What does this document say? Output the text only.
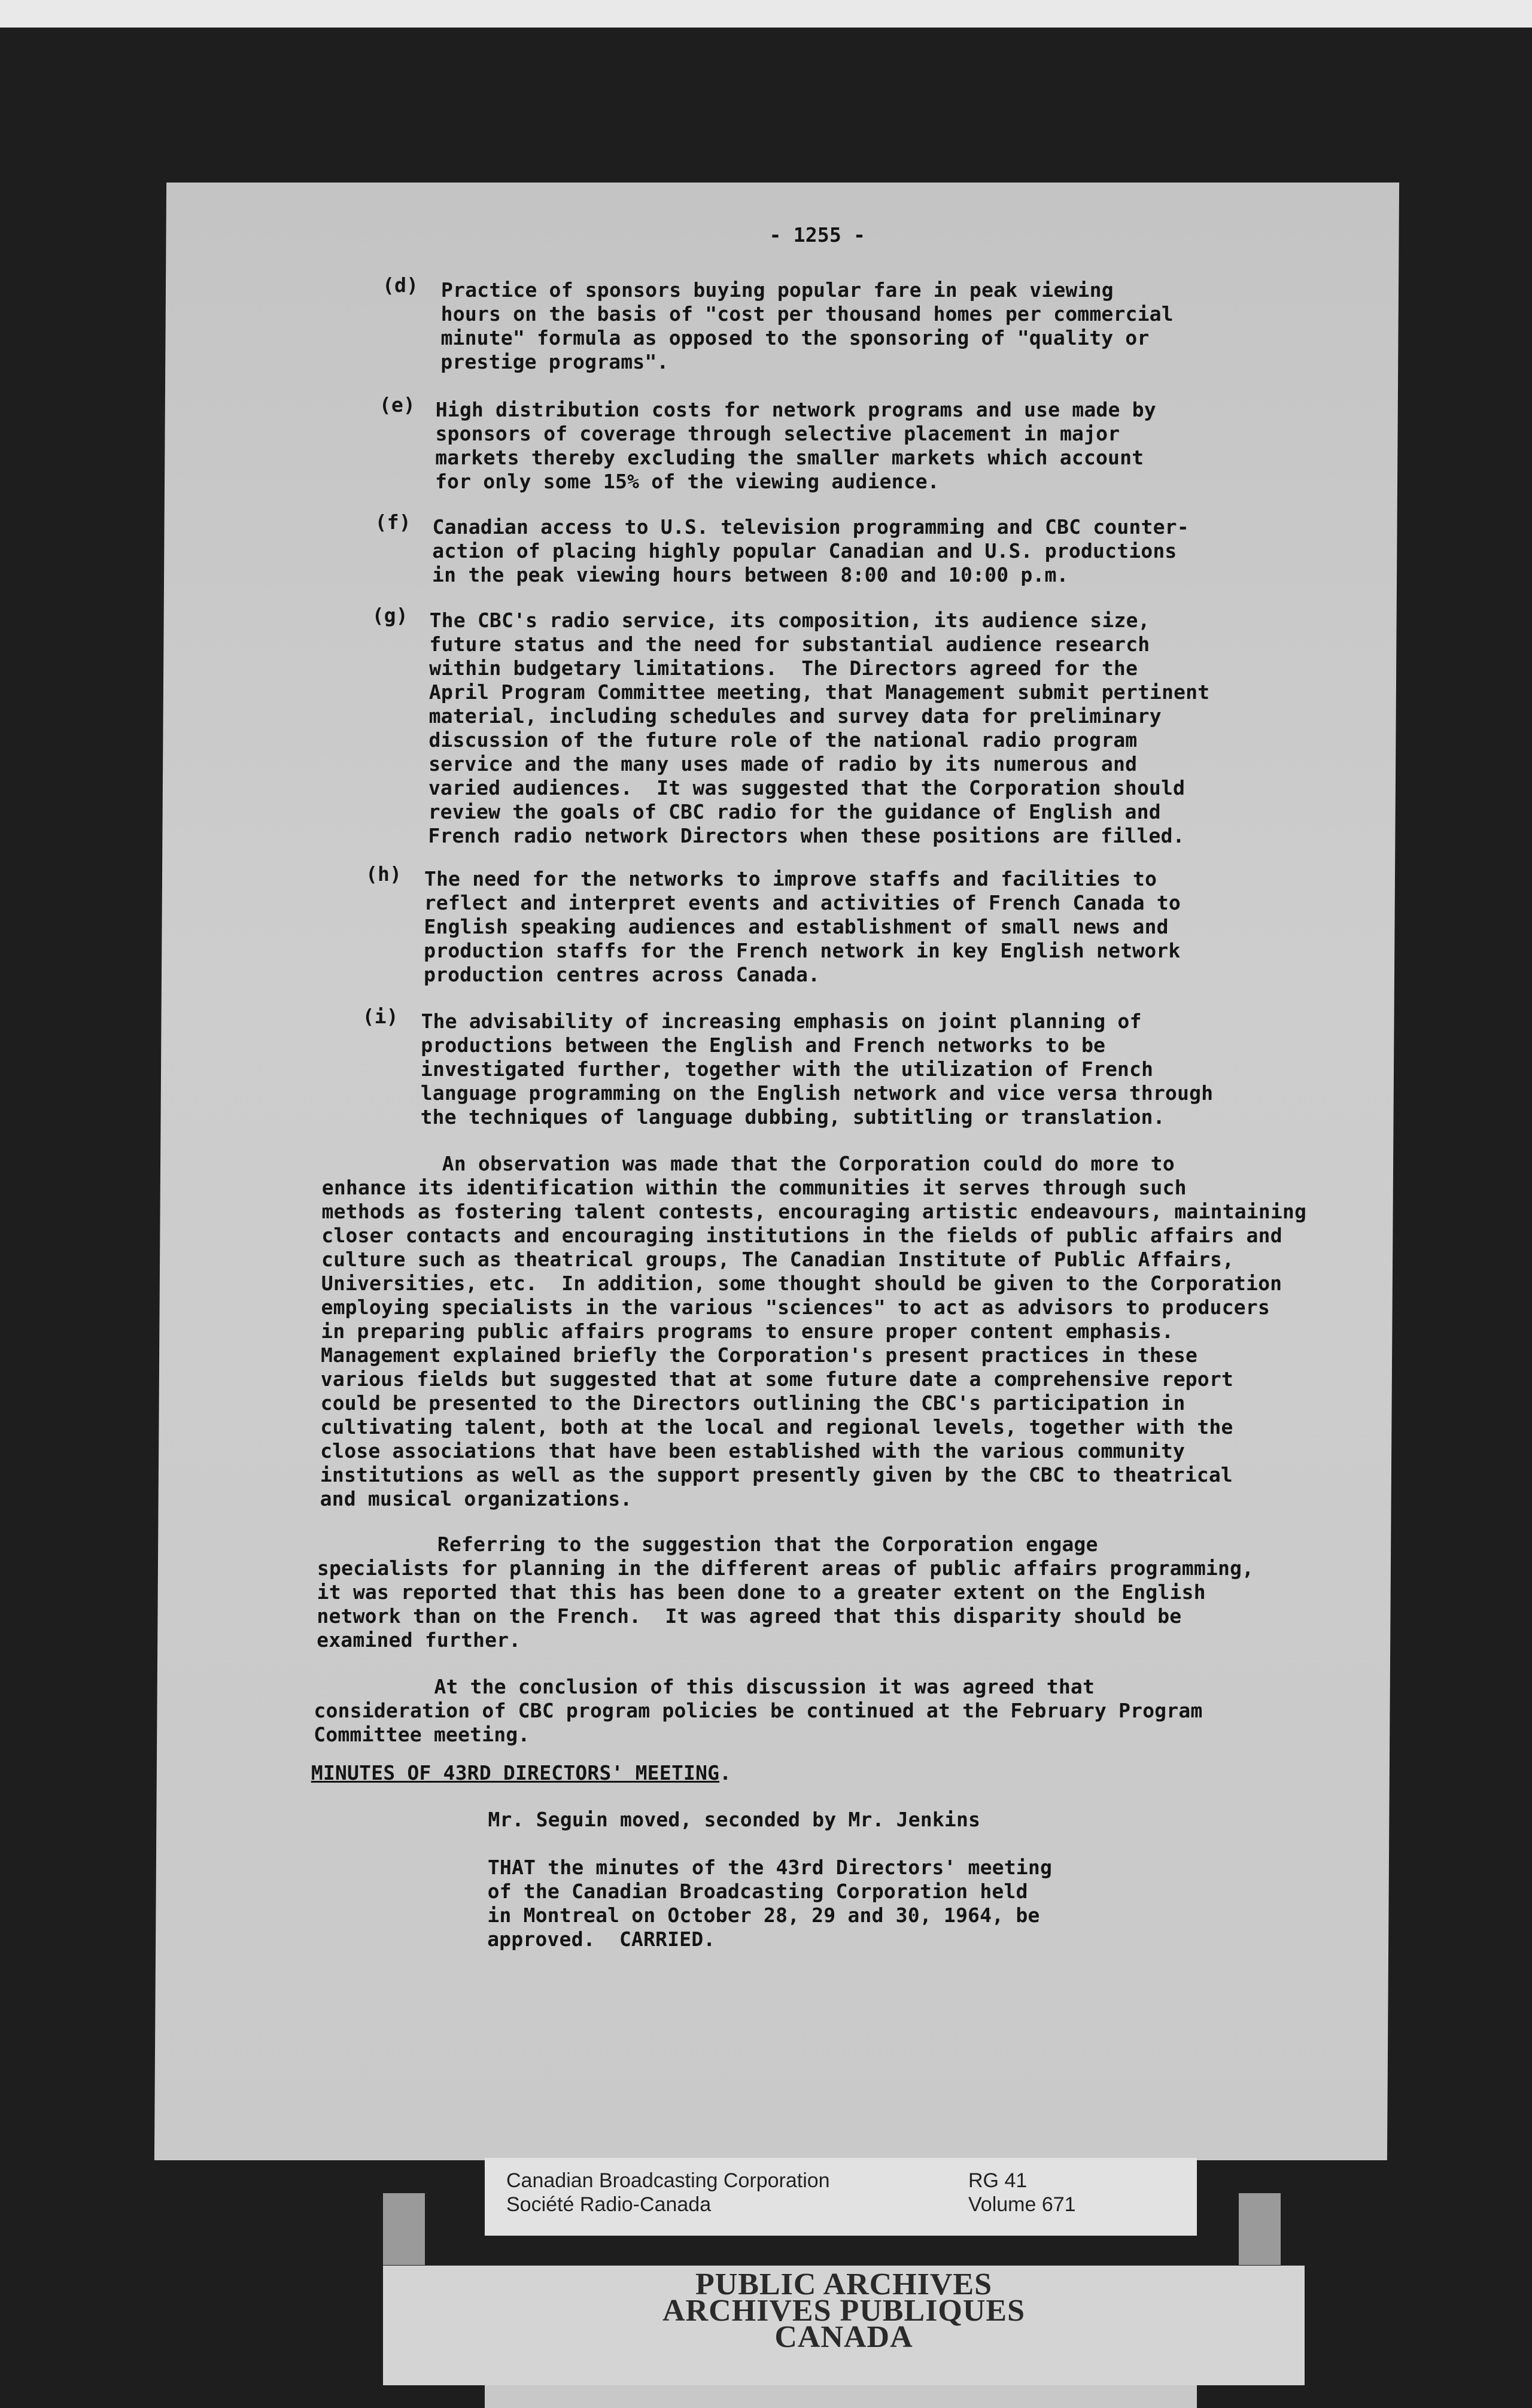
- 1255 -
(d)	Practice of sponsors buying popular fare in peak viewing
hours on the basis of "cost per thousand homes per commercial
minute" formula as opposed to the sponsoring of "quality or
prestige programs".
(e)	High distribution costs for network programs and use made by
sponsors of coverage through selective placement in major
markets thereby excluding the smaller markets which account
for only some 15% of the viewing audience.
(f)	Canadian access to U.S. television programming and CBC counter-
action of placing highly popular Canadian and U.S. productions
in the peak viewing hours between 8:00 and 10:00 p.m.
(g)	The CBC's radio service, its composition, its audience size,
future status and the need for substantial audience research
within budgetary limitations.  The Directors agreed for the
April Program Committee meeting, that Management submit pertinent
material, including schedules and survey data for preliminary
discussion of the future role of the national radio program
service and the many uses made of radio by its numerous and
varied audiences.  It was suggested that the Corporation should
review the goals of CBC radio for the guidance of English and
French radio network Directors when these positions are filled.
(h)	The need for the networks to improve staffs and facilities to
reflect and interpret events and activities of French Canada to
English speaking audiences and establishment of small news and
production staffs for the French network in key English network
production centres across Canada.
(i)	The advisability of increasing emphasis on joint planning of
productions between the English and French networks to be
investigated further, together with the utilization of French
language programming on the English network and vice versa through
the techniques of language dubbing, subtitling or translation.
An observation was made that the Corporation could do more to
enhance its identification within the communities it serves through such
methods as fostering talent contests, encouraging artistic endeavours, maintaining
closer contacts and encouraging institutions in the fields of public affairs and
culture such as theatrical groups, The Canadian Institute of Public Affairs,
Universities, etc.  In addition, some thought should be given to the Corporation
employing specialists in the various "sciences" to act as advisors to producers
in preparing public affairs programs to ensure proper content emphasis.
Management explained briefly the Corporation's present practices in these
various fields but suggested that at some future date a comprehensive report
could be presented to the Directors outlining the CBC's participation in
cultivating talent, both at the local and regional levels, together with the
close associations that have been established with the various community
institutions as well as the support presently given by the CBC to theatrical
and musical organizations.
Referring to the suggestion that the Corporation engage
specialists for planning in the different areas of public affairs programming,
it was reported that this has been done to a greater extent on the English
network than on the French.  It was agreed that this disparity should be
examined further.
At the conclusion of this discussion it was agreed that
consideration of CBC program policies be continued at the February Program
Committee meeting.
MINUTES OF 43RD DIRECTORS' MEETING.
Mr. Seguin moved, seconded by Mr. Jenkins
THAT the minutes of the 43rd Directors' meeting
of the Canadian Broadcasting Corporation held
in Montreal on October 28, 29 and 30, 1964, be
approved.  CARRIED.
Canadian Broadcasting Corporation
Société Radio-Canada
RG 41
Volume 671
PUBLIC ARCHIVES
ARCHIVES PUBLIQUES
CANADA
